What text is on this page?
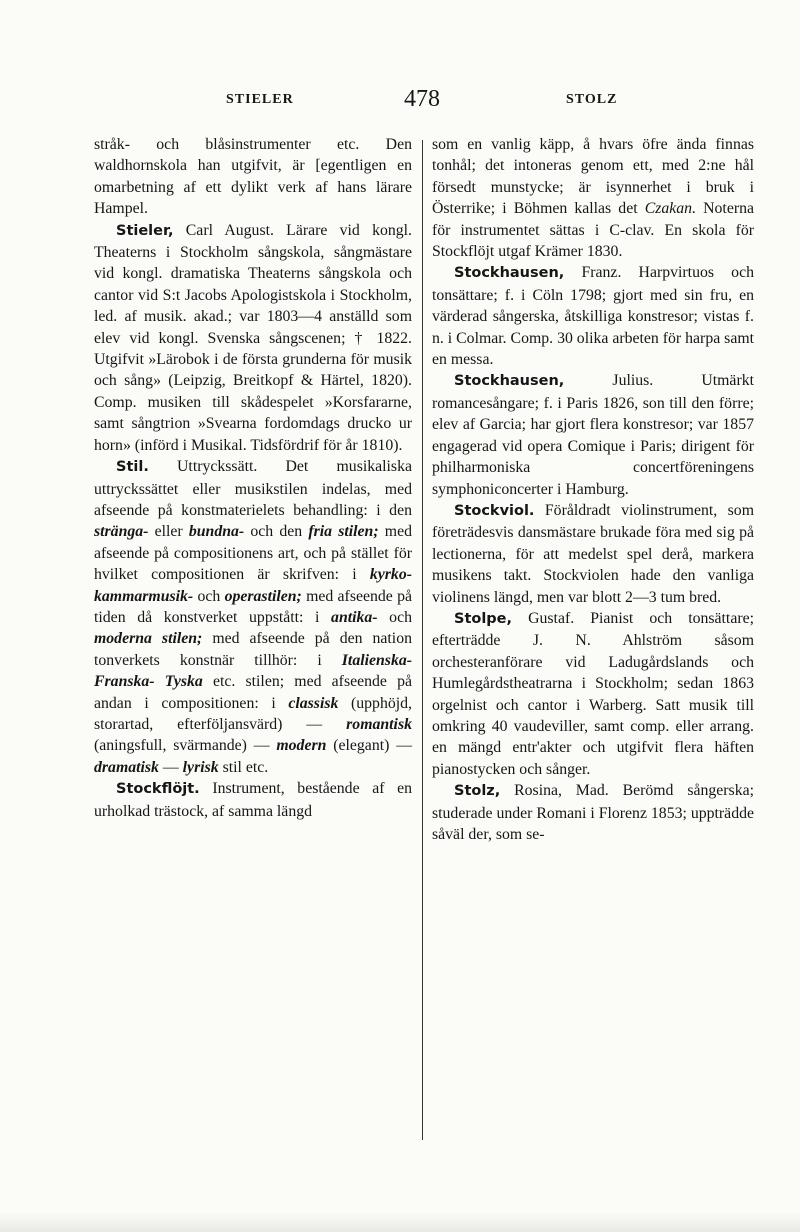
STIELER	478	STOLZ

stråk- och blåsinstrumenter etc. Den waldhornskola han utgifvit, är [egentligen en omarbetning af ett dylikt verk af hans lärare Hampel.

Stieler, Carl August. Lärare vid kongl. Theaterns i Stockholm sångskola, sångmästare vid kongl. dramatiska Theaterns sångskola och cantor vid S:t Jacobs Apologistskola i Stockholm, led. af musik. akad.; var 1803—4 anställd som elev vid kongl. Svenska sångscenen; † 1822. Utgifvit »Lärobok i de första grunderna för musik och sång» (Leipzig, Breitkopf & Härtel, 1820). Comp. musiken till skådespelet »Korsfararne, samt sångtrion »Svearna fordomdags drucko ur horn» (införd i Musikal. Tidsfördrif för år 1810).

Stil. Uttryckssätt. Det musikaliska uttryckssättet eller musikstilen indelas, med afseende på konstmaterielets behandling: i den stränga- eller bundna- och den fria stilen; med afseende på compositionens art, och på stället för hvilket compositionen är skrifven: i kyrko- kammarmusik- och operastilen; med afseende på tiden då konstverket uppstått: i antika- och moderna stilen; med afseende på den nation tonverkets konstnär tillhör: i Italienska- Franska- Tyska etc. stilen; med afseende på andan i compositionen: i classisk (upphöjd, storartad, efterföljansvärd) — romantisk (aningsfull, svärmande) — modern (elegant) — dramatisk — lyrisk stil etc.

Stockflöjt. Instrument, bestående af en urholkad trästock, af samma längd

som en vanlig käpp, å hvars öfre ända finnas tonhål; det intoneras genom ett, med 2:ne hål försedt munstycke; är isynnerhet i bruk i Österrike; i Böhmen kallas det Czakan. Noterna för instrumentet sättas i C-clav. En skola för Stockflöjt utgaf Krämer 1830.

Stockhausen, Franz. Harpvirtuos och tonsättare; f. i Cöln 1798; gjort med sin fru, en värderad sångerska, åtskilliga konstresor; vistas f. n. i Colmar. Comp. 30 olika arbeten för harpa samt en messa.

Stockhausen, Julius. Utmärkt romancesångare; f. i Paris 1826, son till den förre; elev af Garcia; har gjort flera konstresor; var 1857 engagerad vid opera Comique i Paris; dirigent för philharmoniska concertföreningens symphoniconcerter i Hamburg.

Stockviol. Föråldradt violinstrument, som företrädesvis dansmästare brukade föra med sig på lectionerna, för att medelst spel derå, markera musikens takt. Stockviolen hade den vanliga violinens längd, men var blott 2—3 tum bred.

Stolpe, Gustaf. Pianist och tonsättare; efterträdde J. N. Ahlström såsom orchesteranförare vid Ladugårdslands och Humlegårdstheatrarna i Stockholm; sedan 1863 orgelnist och cantor i Warberg. Satt musik till omkring 40 vaudeviller, samt comp. eller arrang. en mängd entr'akter och utgifvit flera häften pianostycken och sånger.

Stolz, Rosina, Mad. Berömd sångerska; studerade under Romani i Florenz 1853; uppträdde såväl der, som se-
